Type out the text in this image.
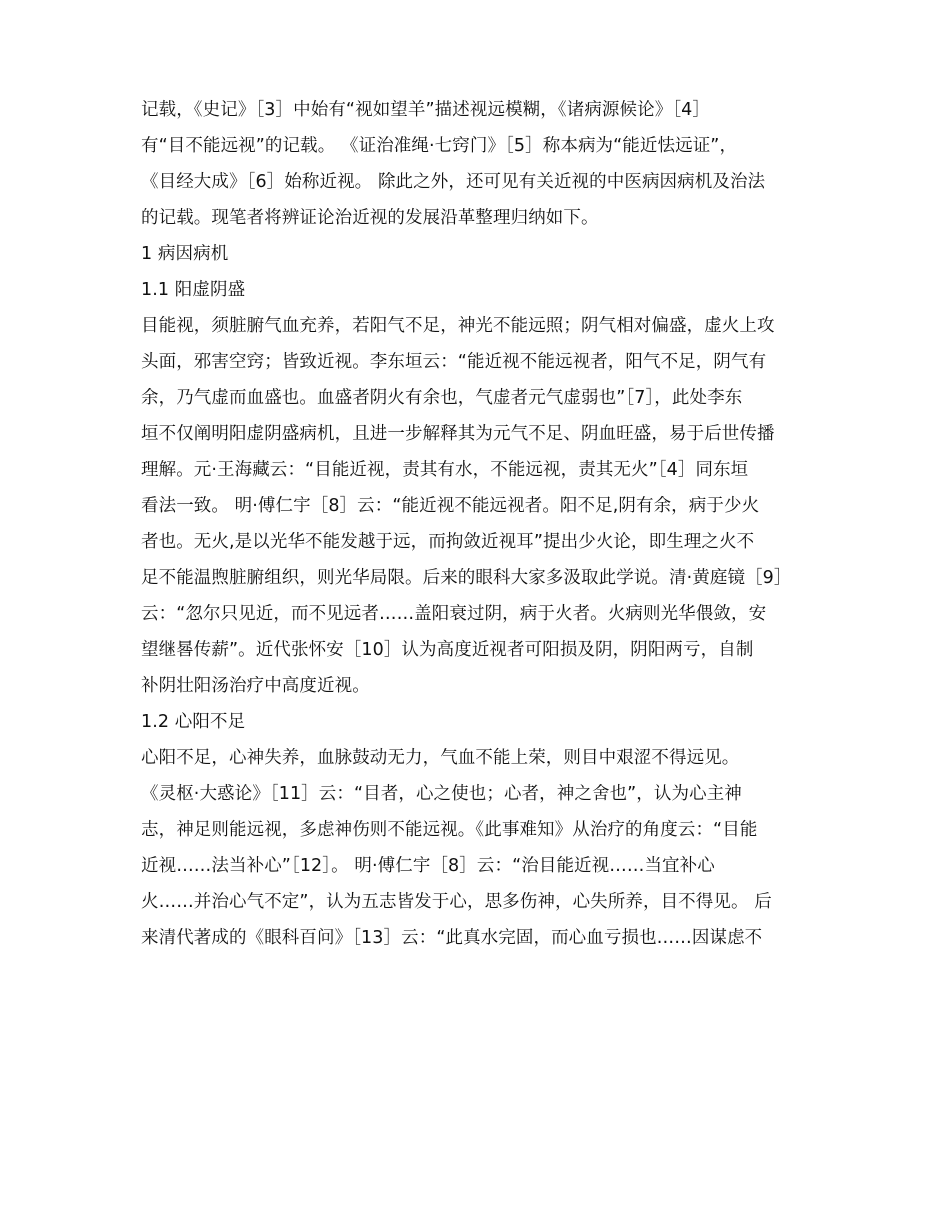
记载，《史记》［3］中始有“视如望羊”描述视远模糊，《诸病源候论》［4］
有“目不能远视”的记载。 《证治准绳·七窍门》［5］称本病为“能近怯远证”，
《目经大成》［6］始称近视。 除此之外，还可见有关近视的中医病因病机及治法
的记载。现笔者将辨证论治近视的发展沿革整理归纳如下。
1 病因病机
1.1 阳虚阴盛
目能视，须脏腑气血充养，若阳气不足，神光不能远照；阴气相对偏盛，虚火上攻
头面，邪害空窍；皆致近视。李东垣云：“能近视不能远视者，阳气不足，阴气有
余，乃气虚而血盛也。血盛者阴火有余也，气虚者元气虚弱也”［7］，此处李东
垣不仅阐明阳虚阴盛病机，且进一步解释其为元气不足、阴血旺盛，易于后世传播
理解。元·王海藏云：“目能近视，责其有水，不能远视，责其无火”［4］同东垣
看法一致。 明·傅仁宇［8］云：“能近视不能远视者。阳不足,阴有余，病于少火
者也。无火,是以光华不能发越于远，而拘敛近视耳”提出少火论，即生理之火不
足不能温煦脏腑组织，则光华局限。后来的眼科大家多汲取此学说。清·黄庭镜［9］
云：“忽尔只见近，而不见远者……盖阳衰过阴，病于火者。火病则光华偎敛，安
望继晷传薪”。近代张怀安［10］认为高度近视者可阳损及阴，阴阳两亏，自制
补阴壮阳汤治疗中高度近视。
1.2 心阳不足
心阳不足，心神失养，血脉鼓动无力，气血不能上荣，则目中艰涩不得远见。
《灵枢·大惑论》［11］云：“目者，心之使也；心者，神之舍也”，认为心主神
志，神足则能远视，多虑神伤则不能远视。《此事难知》从治疗的角度云：“目能
近视……法当补心”［12］。 明·傅仁宇［8］云：“治目能近视……当宜补心
火……并治心气不定”，认为五志皆发于心，思多伤神，心失所养，目不得见。 后
来清代著成的《眼科百问》［13］云：“此真水完固，而心血亏损也……因谋虑不
